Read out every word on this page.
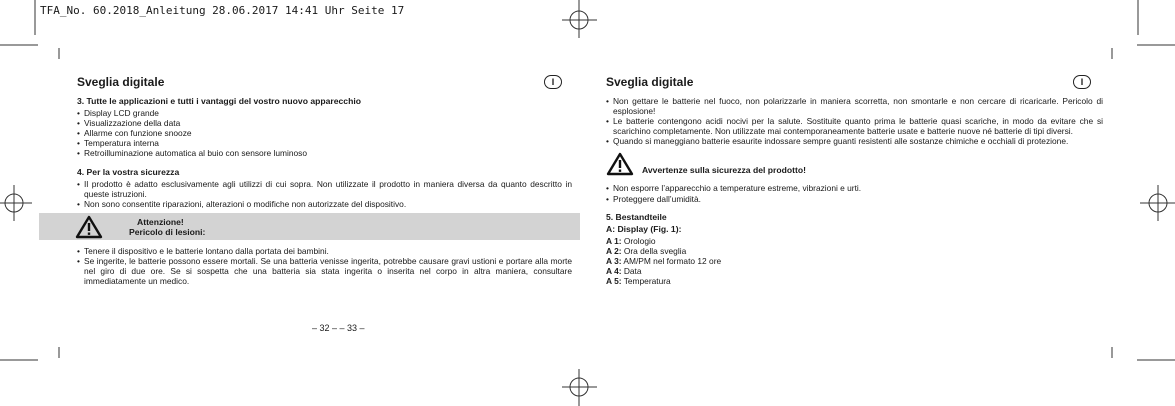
TFA_No. 60.2018_Anleitung 28.06.2017 14:41 Uhr Seite 17
Sveglia digitale	I
3. Tutte le applicazioni e tutti i vantaggi del vostro nuovo apparecchio
• Display LCD grande
• Visualizzazione della data
• Allarme con funzione snooze
• Temperatura interna
• Retroilluminazione automatica al buio con sensore luminoso
4. Per la vostra sicurezza
• Il prodotto è adatto esclusivamente agli utilizzi di cui sopra. Non utilizzate il prodotto in maniera diversa da quanto descritto in queste istruzioni.
• Non sono consentite riparazioni, alterazioni o modifiche non autorizzate del dispositivo.
Attenzione!
Pericolo di lesioni:
• Tenere il dispositivo e le batterie lontano dalla portata dei bambini.
• Se ingerite, le batterie possono essere mortali. Se una batteria venisse ingerita, potrebbe causare gravi ustioni e portare alla morte nel giro di due ore. Se si sospetta che una batteria sia stata ingerita o inserita nel corpo in altra maniera, consultare immediatamente un medico.
– 32 – – 33 –
Sveglia digitale	I
• Non gettare le batterie nel fuoco, non polarizzarle in maniera scorretta, non smontarle e non cercare di ricaricarle. Pericolo di esplosione!
• Le batterie contengono acidi nocivi per la salute. Sostituite quanto prima le batterie quasi scariche, in modo da evitare che si scarichino completamente. Non utilizzate mai contemporaneamente batterie usate e batterie nuove né batterie di tipi diversi.
• Quando si maneggiano batterie esaurite indossare sempre guanti resistenti alle sostanze chimiche e occhiali di protezione.
Avvertenze sulla sicurezza del prodotto!
• Non esporre l’apparecchio a temperature estreme, vibrazioni e urti.
• Proteggere dall’umidità.
5. Bestandteile
A: Display (Fig. 1):
A 1: Orologio
A 2: Ora della sveglia
A 3: AM/PM nel formato 12 ore
A 4: Data
A 5: Temperatura
